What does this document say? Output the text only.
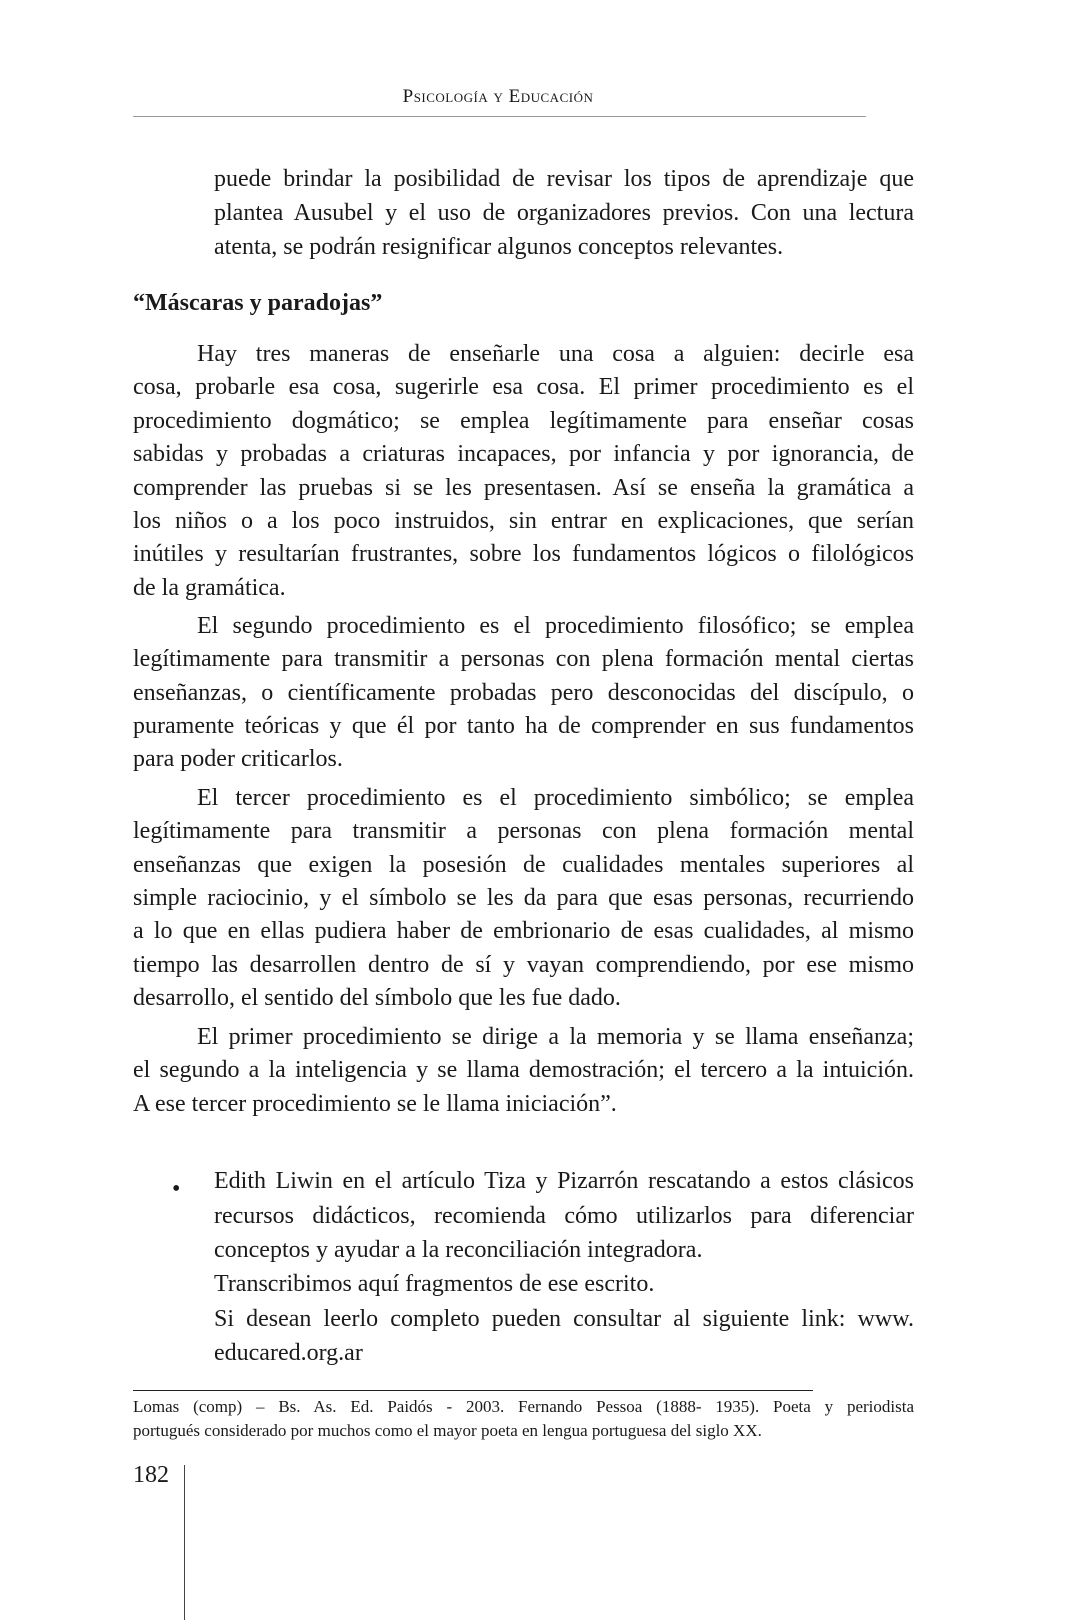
Psicología y Educación
puede brindar la posibilidad de revisar los tipos de aprendizaje que
plantea Ausubel y el uso de organizadores previos. Con una lectura
atenta, se podrán resignificar algunos conceptos relevantes.
“Máscaras y paradojas”
Hay tres maneras de enseñarle una cosa a alguien: decirle esa
cosa, probarle esa cosa, sugerirle esa cosa. El primer procedimiento es el
procedimiento dogmático; se emplea legítimamente para enseñar cosas
sabidas y probadas a criaturas incapaces, por infancia y por ignorancia, de
comprender las pruebas si se les presentasen. Así se enseña la gramática a
los niños o a los poco instruidos, sin entrar en explicaciones, que serían
inútiles y resultarían frustrantes, sobre los fundamentos lógicos o filológicos
de la gramática.
El segundo procedimiento es el procedimiento filosófico; se emplea
legítimamente para transmitir a personas con plena formación mental ciertas
enseñanzas, o científicamente probadas pero desconocidas del discípulo, o
puramente teóricas y que él por tanto ha de comprender en sus fundamentos
para poder criticarlos.
El tercer procedimiento es el procedimiento simbólico; se emplea
legítimamente para transmitir a personas con plena formación mental
enseñanzas que exigen la posesión de cualidades mentales superiores al
simple raciocinio, y el símbolo se les da para que esas personas, recurriendo
a lo que en ellas pudiera haber de embrionario de esas cualidades, al mismo
tiempo las desarrollen dentro de sí y vayan comprendiendo, por ese mismo
desarrollo, el sentido del símbolo que les fue dado.
El primer procedimiento se dirige a la memoria y se llama enseñanza;
el segundo a la inteligencia y se llama demostración; el tercero a la intuición.
A ese tercer procedimiento se le llama iniciación”.
• Edith Liwin en el artículo Tiza y Pizarrón rescatando a estos clásicos
recursos didácticos, recomienda cómo utilizarlos para diferenciar
conceptos y ayudar a la reconciliación integradora.
Transcribimos aquí fragmentos de ese escrito.
Si desean leerlo completo pueden consultar al siguiente link: www.
educared.org.ar
Lomas (comp) – Bs. As. Ed. Paidós - 2003. Fernando Pessoa (1888- 1935). Poeta y periodista
portugués considerado por muchos como el mayor poeta en lengua portuguesa del siglo XX.
182
